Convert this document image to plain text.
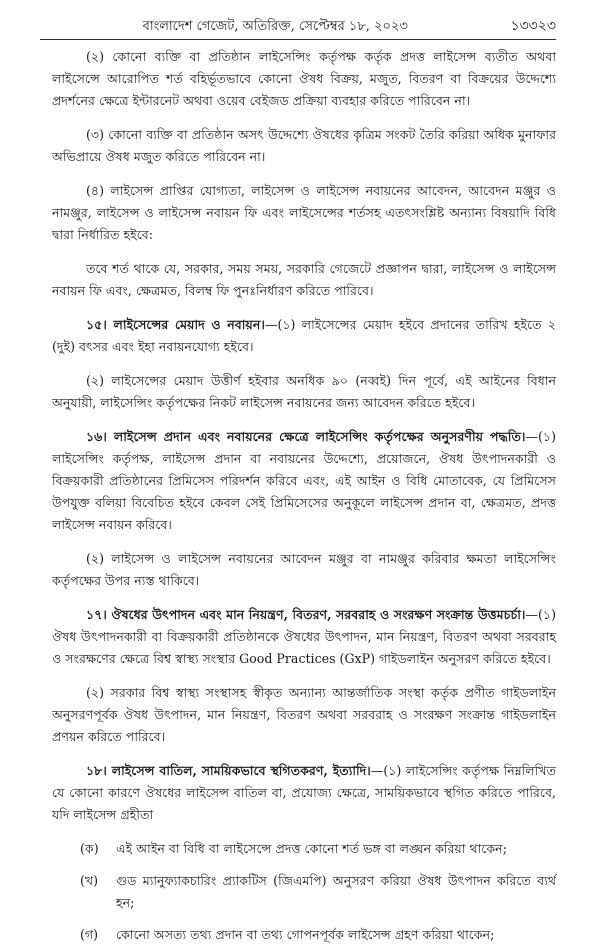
বাংলাদেশ গেজেট, অতিরিক্ত, সেপ্টেম্বর ১৮, ২০২৩	১৩৩২৩

(২) কোনো ব্যক্তি বা প্রতিষ্ঠান লাইসেন্সিং কর্তৃপক্ষ কর্তৃক প্রদত্ত লাইসেন্স ব্যতীত অথবা লাইসেন্সে আরোপিত শর্ত বহির্ভূতভাবে কোনো ঔষধ বিক্রয়, মজুত, বিতরণ বা বিক্রয়ের উদ্দেশ্যে প্রদর্শনের ক্ষেত্রে ইন্টারনেট অথবা ওয়েব বেইজড প্রক্রিয়া ব্যবহার করিতে পারিবেন না।

(৩) কোনো ব্যক্তি বা প্রতিষ্ঠান অসৎ উদ্দেশ্যে ঔষধের কৃত্রিম সংকট তৈরি করিয়া অধিক মুনাফার অভিপ্রায়ে ঔষধ মজুত করিতে পারিবেন না।

(৪) লাইসেন্স প্রাপ্তির যোগ্যতা, লাইসেন্স ও লাইসেন্স নবায়নের আবেদন, আবেদন মঞ্জুর ও নামঞ্জুর, লাইসেন্স ও লাইসেন্স নবায়ন ফি এবং লাইসেন্সের শর্তসহ এতৎসংশ্লিষ্ট অন্যান্য বিষয়াদি বিধি দ্বারা নির্ধারিত হইবে:

তবে শর্ত থাকে যে, সরকার, সময় সময়, সরকারি গেজেটে প্রজ্ঞাপন দ্বারা, লাইসেন্স ও লাইসেন্স নবায়ন ফি এবং, ক্ষেত্রমত, বিলম্ব ফি পুনঃনির্ধারণ করিতে পারিবে।

১৫। লাইসেন্সের মেয়াদ ও নবায়ন।—(১) লাইসেন্সের মেয়াদ হইবে প্রদানের তারিখ হইতে ২ (দুই) বৎসর এবং ইহা নবায়নযোগ্য হইবে।

(২) লাইসেন্সের মেয়াদ উত্তীর্ণ হইবার অনধিক ৯০ (নব্বই) দিন পূর্বে, এই আইনের বিধান অনুযায়ী, লাইসেন্সিং কর্তৃপক্ষের নিকট লাইসেন্স নবায়নের জন্য আবেদন করিতে হইবে।

১৬। লাইসেন্স প্রদান এবং নবায়নের ক্ষেত্রে লাইসেন্সিং কর্তৃপক্ষের অনুসরণীয় পদ্ধতি।—(১) লাইসেন্সিং কর্তৃপক্ষ, লাইসেন্স প্রদান বা নবায়নের উদ্দেশ্যে, প্রয়োজনে, ঔষধ উৎপাদনকারী ও বিক্রয়কারী প্রতিষ্ঠানের প্রিমিসেস পরিদর্শন করিবে এবং, এই আইন ও বিধি মোতাবেক, যে প্রিমিসেস উপযুক্ত বলিয়া বিবেচিত হইবে কেবল সেই প্রিমিসেসের অনুকূলে লাইসেন্স প্রদান বা, ক্ষেত্রমত, প্রদত্ত লাইসেন্স নবায়ন করিবে।

(২) লাইসেন্স ও লাইসেন্স নবায়নের আবেদন মঞ্জুর বা নামঞ্জুর করিবার ক্ষমতা লাইসেন্সিং কর্তৃপক্ষের উপর ন্যস্ত থাকিবে।

১৭। ঔষধের উৎপাদন এবং মান নিয়ন্ত্রণ, বিতরণ, সরবরাহ ও সংরক্ষণ সংক্রান্ত উত্তমচর্চা।—(১) ঔষধ উৎপাদনকারী বা বিক্রয়কারী প্রতিষ্ঠানকে ঔষধের উৎপাদন, মান নিয়ন্ত্রণ, বিতরণ অথবা সরবরাহ ও সংরক্ষণের ক্ষেত্রে বিশ্ব স্বাস্থ্য সংস্থার Good Practices (GxP) গাইডলাইন অনুসরণ করিতে হইবে।

(২) সরকার বিশ্ব স্বাস্থ্য সংস্থাসহ স্বীকৃত অন্যান্য আন্তর্জাতিক সংস্থা কর্তৃক প্রণীত গাইডলাইন অনুসরণপূর্বক ঔষধ উৎপাদন, মান নিয়ন্ত্রণ, বিতরণ অথবা সরবরাহ ও সংরক্ষণ সংক্রান্ত গাইডলাইন প্রণয়ন করিতে পারিবে।

১৮। লাইসেন্স বাতিল, সাময়িকভাবে স্থগিতকরণ, ইত্যাদি।—(১) লাইসেন্সিং কর্তৃপক্ষ নিম্নলিখিত যে কোনো কারণে ঔষধের লাইসেন্স বাতিল বা, প্রযোজ্য ক্ষেত্রে, সাময়িকভাবে স্থগিত করিতে পারিবে, যদি লাইসেন্স গ্রহীতা

(ক)	এই আইন বা বিধি বা লাইসেন্সে প্রদত্ত কোনো শর্ত ভঙ্গ বা লঙ্ঘন করিয়া থাকেন;
(খ)	গুড ম্যানুফ্যাকচারিং প্র্যাকটিস (জিএমপি) অনুসরণ করিয়া ঔষধ উৎপাদন করিতে ব্যর্থ হন;
(গ)	কোনো অসত্য তথ্য প্রদান বা তথ্য গোপনপূর্বক লাইসেন্স গ্রহণ করিয়া থাকেন;
